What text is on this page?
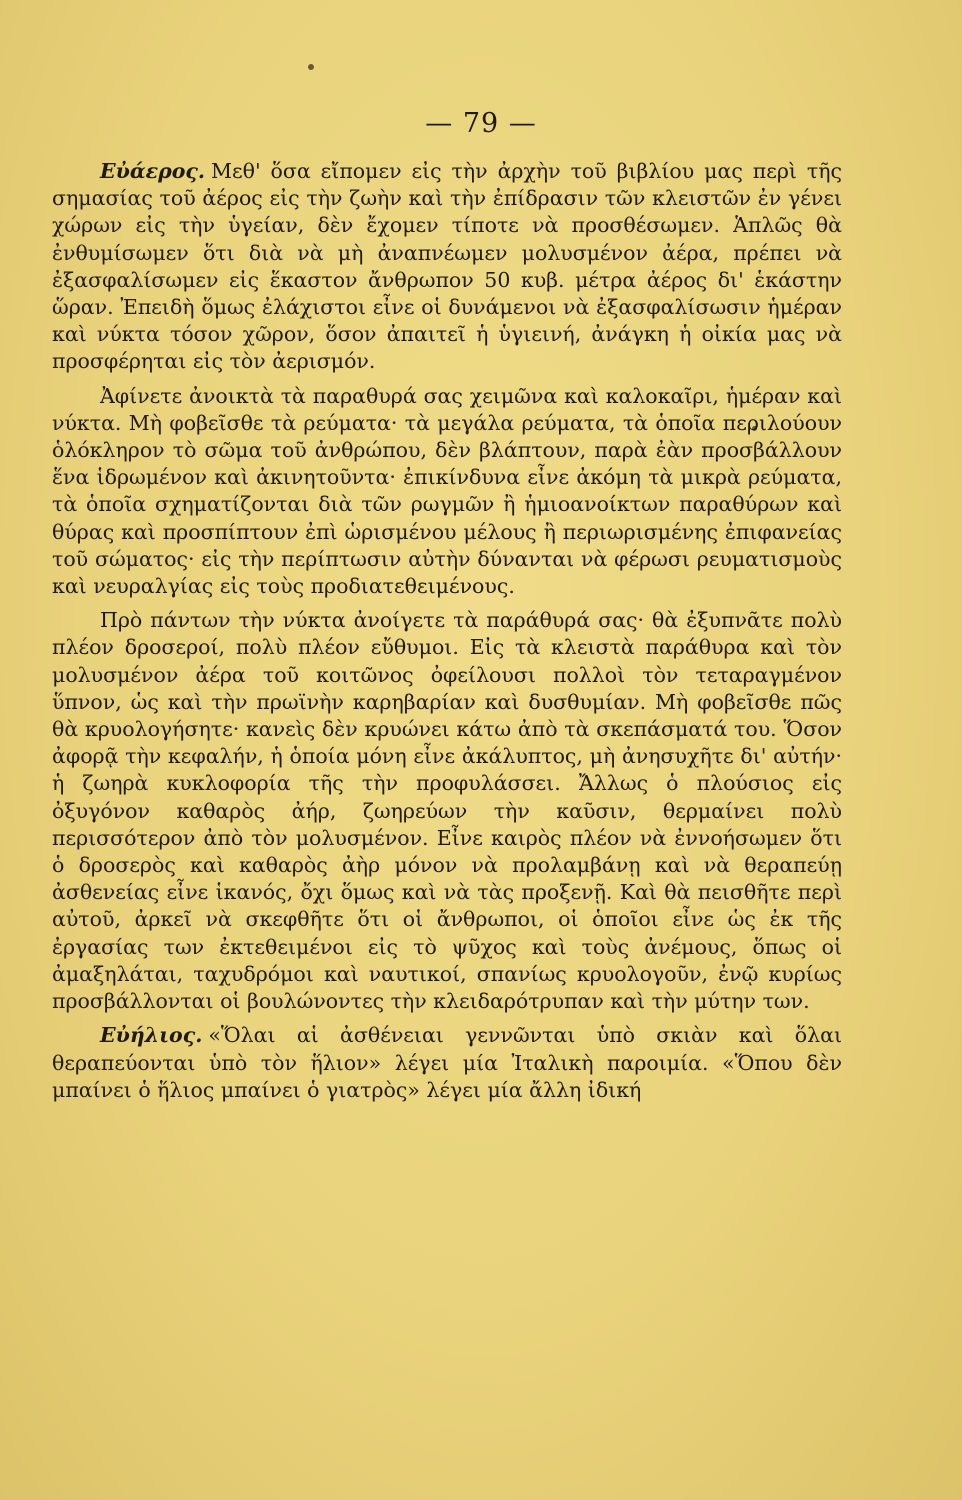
— 79 —

Εὐάερος. Μεθ' ὅσα εἴπομεν εἰς τὴν ἀρχὴν τοῦ βιβλίου μας περὶ τῆς σημασίας τοῦ ἀέρος εἰς τὴν ζωὴν καὶ τὴν ἐπίδρασιν τῶν κλειστῶν ἐν γένει χώρων εἰς τὴν ὑγείαν, δὲν ἔχομεν τίποτε νὰ προσθέσωμεν. Ἁπλῶς θὰ ἐνθυμίσωμεν ὅτι διὰ νὰ μὴ ἀναπνέωμεν μολυσμένον ἀέρα, πρέπει νὰ ἐξασφαλίσωμεν εἰς ἕκαστον ἄνθρωπον 50 κυβ. μέτρα ἀέρος δι' ἑκάστην ὥραν. Ἐπειδὴ ὅμως ἐλάχιστοι εἶνε οἱ δυνάμενοι νὰ ἐξασφαλίσωσιν ἡμέραν καὶ νύκτα τόσον χῶρον, ὅσον ἀπαιτεῖ ἡ ὑγιεινή, ἀνάγκη ἡ οἰκία μας νὰ προσφέρηται εἰς τὸν ἀερισμόν.

Ἀφίνετε ἀνοικτὰ τὰ παραθυρά σας χειμῶνα καὶ καλοκαῖρι, ἡμέραν καὶ νύκτα. Μὴ φοβεῖσθε τὰ ρεύματα· τὰ μεγάλα ρεύματα, τὰ ὁποῖα περιλούουν ὁλόκληρον τὸ σῶμα τοῦ ἀνθρώπου, δὲν βλάπτουν, παρὰ ἐὰν προσβάλλουν ἕνα ἱδρωμένον καὶ ἀκινητοῦντα· ἐπικίνδυνα εἶνε ἀκόμη τὰ μικρὰ ρεύματα, τὰ ὁποῖα σχηματίζονται διὰ τῶν ρωγμῶν ἢ ἡμιοανοίκτων παραθύρων καὶ θύρας καὶ προσπίπτουν ἐπὶ ὡρισμένου μέλους ἢ περιωρισμένης ἐπιφανείας τοῦ σώματος· εἰς τὴν περίπτωσιν αὐτὴν δύνανται νὰ φέρωσι ρευματισμοὺς καὶ νευραλγίας εἰς τοὺς προδιατεθειμένους.

Πρὸ πάντων τὴν νύκτα ἀνοίγετε τὰ παράθυρά σας· θὰ ἐξυπνᾶτε πολὺ πλέον δροσεροί, πολὺ πλέον εὔθυμοι. Εἰς τὰ κλειστὰ παράθυρα καὶ τὸν μολυσμένον ἀέρα τοῦ κοιτῶνος ὀφείλουσι πολλοὶ τὸν τεταραγμένον ὕπνον, ὡς καὶ τὴν πρωϊνὴν καρηβαρίαν καὶ δυσθυμίαν. Μὴ φοβεῖσθε πῶς θὰ κρυολογήσητε· κανεὶς δὲν κρυώνει κάτω ἀπὸ τὰ σκεπάσματά του. Ὅσον ἀφορᾷ τὴν κεφαλήν, ἡ ὁποία μόνη εἶνε ἀκάλυπτος, μὴ ἀνησυχῆτε δι' αὐτήν· ἡ ζωηρὰ κυκλοφορία τῆς τὴν προφυλάσσει. Ἄλλως ὁ πλούσιος εἰς ὀξυγόνον καθαρὸς ἀήρ, ζωηρεύων τὴν καῦσιν, θερμαίνει πολὺ περισσότερον ἀπὸ τὸν μολυσμένον. Εἶνε καιρὸς πλέον νὰ ἐννοήσωμεν ὅτι ὁ δροσερὸς καὶ καθαρὸς ἀὴρ μόνον νὰ προλαμβάνῃ καὶ νὰ θεραπεύῃ ἀσθενείας εἶνε ἱκανός, ὄχι ὅμως καὶ νὰ τὰς προξενῇ. Καὶ θὰ πεισθῆτε περὶ αὐτοῦ, ἀρκεῖ νὰ σκεφθῆτε ὅτι οἱ ἄνθρωποι, οἱ ὁποῖοι εἶνε ὡς ἐκ τῆς ἐργασίας των ἐκτεθειμένοι εἰς τὸ ψῦχος καὶ τοὺς ἀνέμους, ὅπως οἱ ἀμαξηλάται, ταχυδρόμοι καὶ ναυτικοί, σπανίως κρυολογοῦν, ἐνῷ κυρίως προσβάλλονται οἱ βουλώνοντες τὴν κλειδαρότρυπαν καὶ τὴν μύτην των.

Εὐήλιος. «Ὅλαι αἱ ἀσθένειαι γεννῶνται ὑπὸ σκιὰν καὶ ὅλαι θεραπεύονται ὑπὸ τὸν ἥλιον» λέγει μία Ἰταλικὴ παροιμία. «Ὅπου δὲν μπαίνει ὁ ἥλιος μπαίνει ὁ γιατρὸς» λέγει μία ἄλλη ἰδική
